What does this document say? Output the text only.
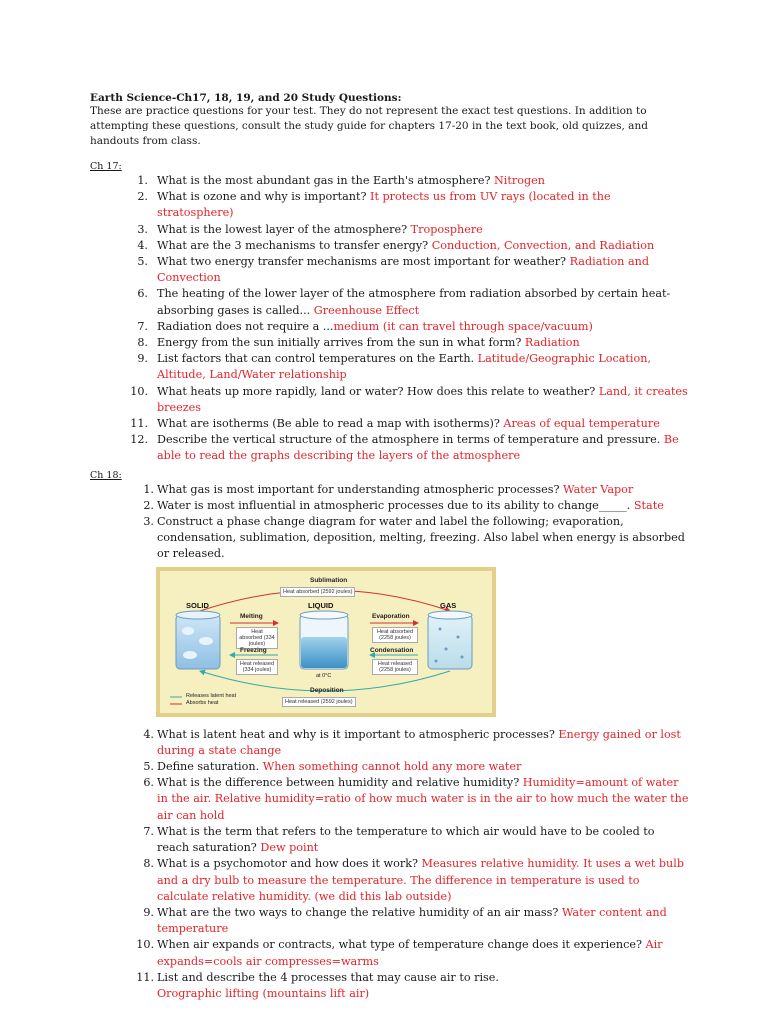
Earth Science-Ch17, 18, 19, and 20 Study Questions:

These are practice questions for your test. They do not represent the exact test questions. In addition to attempting these questions, consult the study guide for chapters 17-20 in the text book, old quizzes, and handouts from class.

Ch 17:

1. What is the most abundant gas in the Earth's atmosphere? Nitrogen
2. What is ozone and why is important? It protects us from UV rays (located in the stratosphere)
3. What is the lowest layer of the atmosphere? Troposphere
4. What are the 3 mechanisms to transfer energy? Conduction, Convection, and Radiation
5. What two energy transfer mechanisms are most important for weather? Radiation and Convection
6. The heating of the lower layer of the atmosphere from radiation absorbed by certain heat-absorbing gases is called... Greenhouse Effect
7. Radiation does not require a ...medium (it can travel through space/vacuum)
8. Energy from the sun initially arrives from the sun in what form? Radiation
9. List factors that can control temperatures on the Earth. Latitude/Geographic Location, Altitude, Land/Water relationship
10. What heats up more rapidly, land or water? How does this relate to weather? Land, it creates breezes
11. What are isotherms (Be able to read a map with isotherms)? Areas of equal temperature
12. Describe the vertical structure of the atmosphere in terms of temperature and pressure. Be able to read the graphs describing the layers of the atmosphere

Ch 18:

1. What gas is most important for understanding atmospheric processes? Water Vapor
2. Water is most influential in atmospheric processes due to its ability to change_____. State
3. Construct a phase change diagram for water and label the following; evaporation, condensation, sublimation, deposition, melting, freezing. Also label when energy is absorbed or released.
SOLID	LIQUID	GAS
Sublimation
Heat absorbed (2592 joules)
Melting
Heat absorbed (334 joules)
Evaporation
Heat absorbed (2258 joules)
Freezing
Heat released (334 joules)
Condensation
Heat released (2258 joules)
at 0°C
Deposition
Heat released (2592 joules)
Releases latent heat
Absorbs heat
4. What is latent heat and why is it important to atmospheric processes? Energy gained or lost during a state change
5. Define saturation. When something cannot hold any more water
6. What is the difference between humidity and relative humidity? Humidity=amount of water in the air. Relative humidity=ratio of how much water is in the air to how much the water the air can hold
7. What is the term that refers to the temperature to which air would have to be cooled to reach saturation? Dew point
8. What is a psychomotor and how does it work? Measures relative humidity. It uses a wet bulb and a dry bulb to measure the temperature. The difference in temperature is used to calculate relative humidity. (we did this lab outside)
9. What are the two ways to change the relative humidity of an air mass? Water content and temperature
10. When air expands or contracts, what type of temperature change does it experience? Air expands=cools air compresses=warms
11. List and describe the 4 processes that may cause air to rise.
Orographic lifting (mountains lift air)
